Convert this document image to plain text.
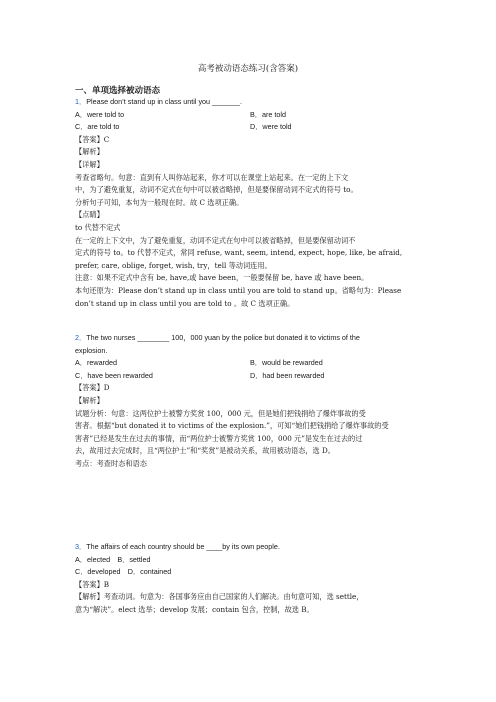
高考被动语态练习(含答案)
一、单项选择被动语态

1．Please don’t stand up in class until you _______.

A．were told to	B．are told

C．are told to	D．were told

【答案】C

【解析】

【详解】

考查省略句。句意：直到有人叫你站起来，你才可以在课堂上站起来。在一定的上下文

中，为了避免重复，动词不定式在句中可以被省略掉，但是要保留动词不定式的符号 to。

分析句子可知，本句为一般现在时。故 C 选项正确。

【点睛】

to 代替不定式

在一定的上下文中，为了避免重复，动词不定式在句中可以被省略掉，但是要保留动词不

定式的符号 to。to 代替不定式，常同 refuse, want, seem, intend, expect, hope, like, be afraid,

prefer, care, oblige, forget, wish, try，tell 等动词连用。

注意：如果不定式中含有 be, have,或 have been，一般要保留 be, have 或 have been。

本句还原为：Please don’t stand up in class until you are told to stand up。省略句为：Please

don’t stand up in class until you are told to 。故 C 选项正确。

2．The two nurses ________ 100，000 yuan by the police but donated it to victims of the

explosion.

A．rewarded	B．would be rewarded

C．have been rewarded	D．had been rewarded

【答案】D

【解析】

试题分析：句意：这两位护士被警方奖赏 100，000 元，但是她们把钱捐给了爆炸事故的受

害者。根据“but donated it to victims of the explosion.”，可知“她们把钱捐给了爆炸事故的受

害者”已经是发生在过去的事情，而“两位护士被警方奖赏 100，000 元”是发生在过去的过

去，故用过去完成时，且“两位护士”和“奖赏”是被动关系，故用被动语态，选 D。

考点：考查时态和语态

3．The affairs of each country should be ____by its own people.

A．elected　B．settled

C．developed　D．contained

【答案】B

【解析】考查动词。句意为：各国事务应由自己国家的人们解决。由句意可知，选 settle，

意为“解决”。elect 选举；develop 发展；contain 包含，控制，故选 B。
